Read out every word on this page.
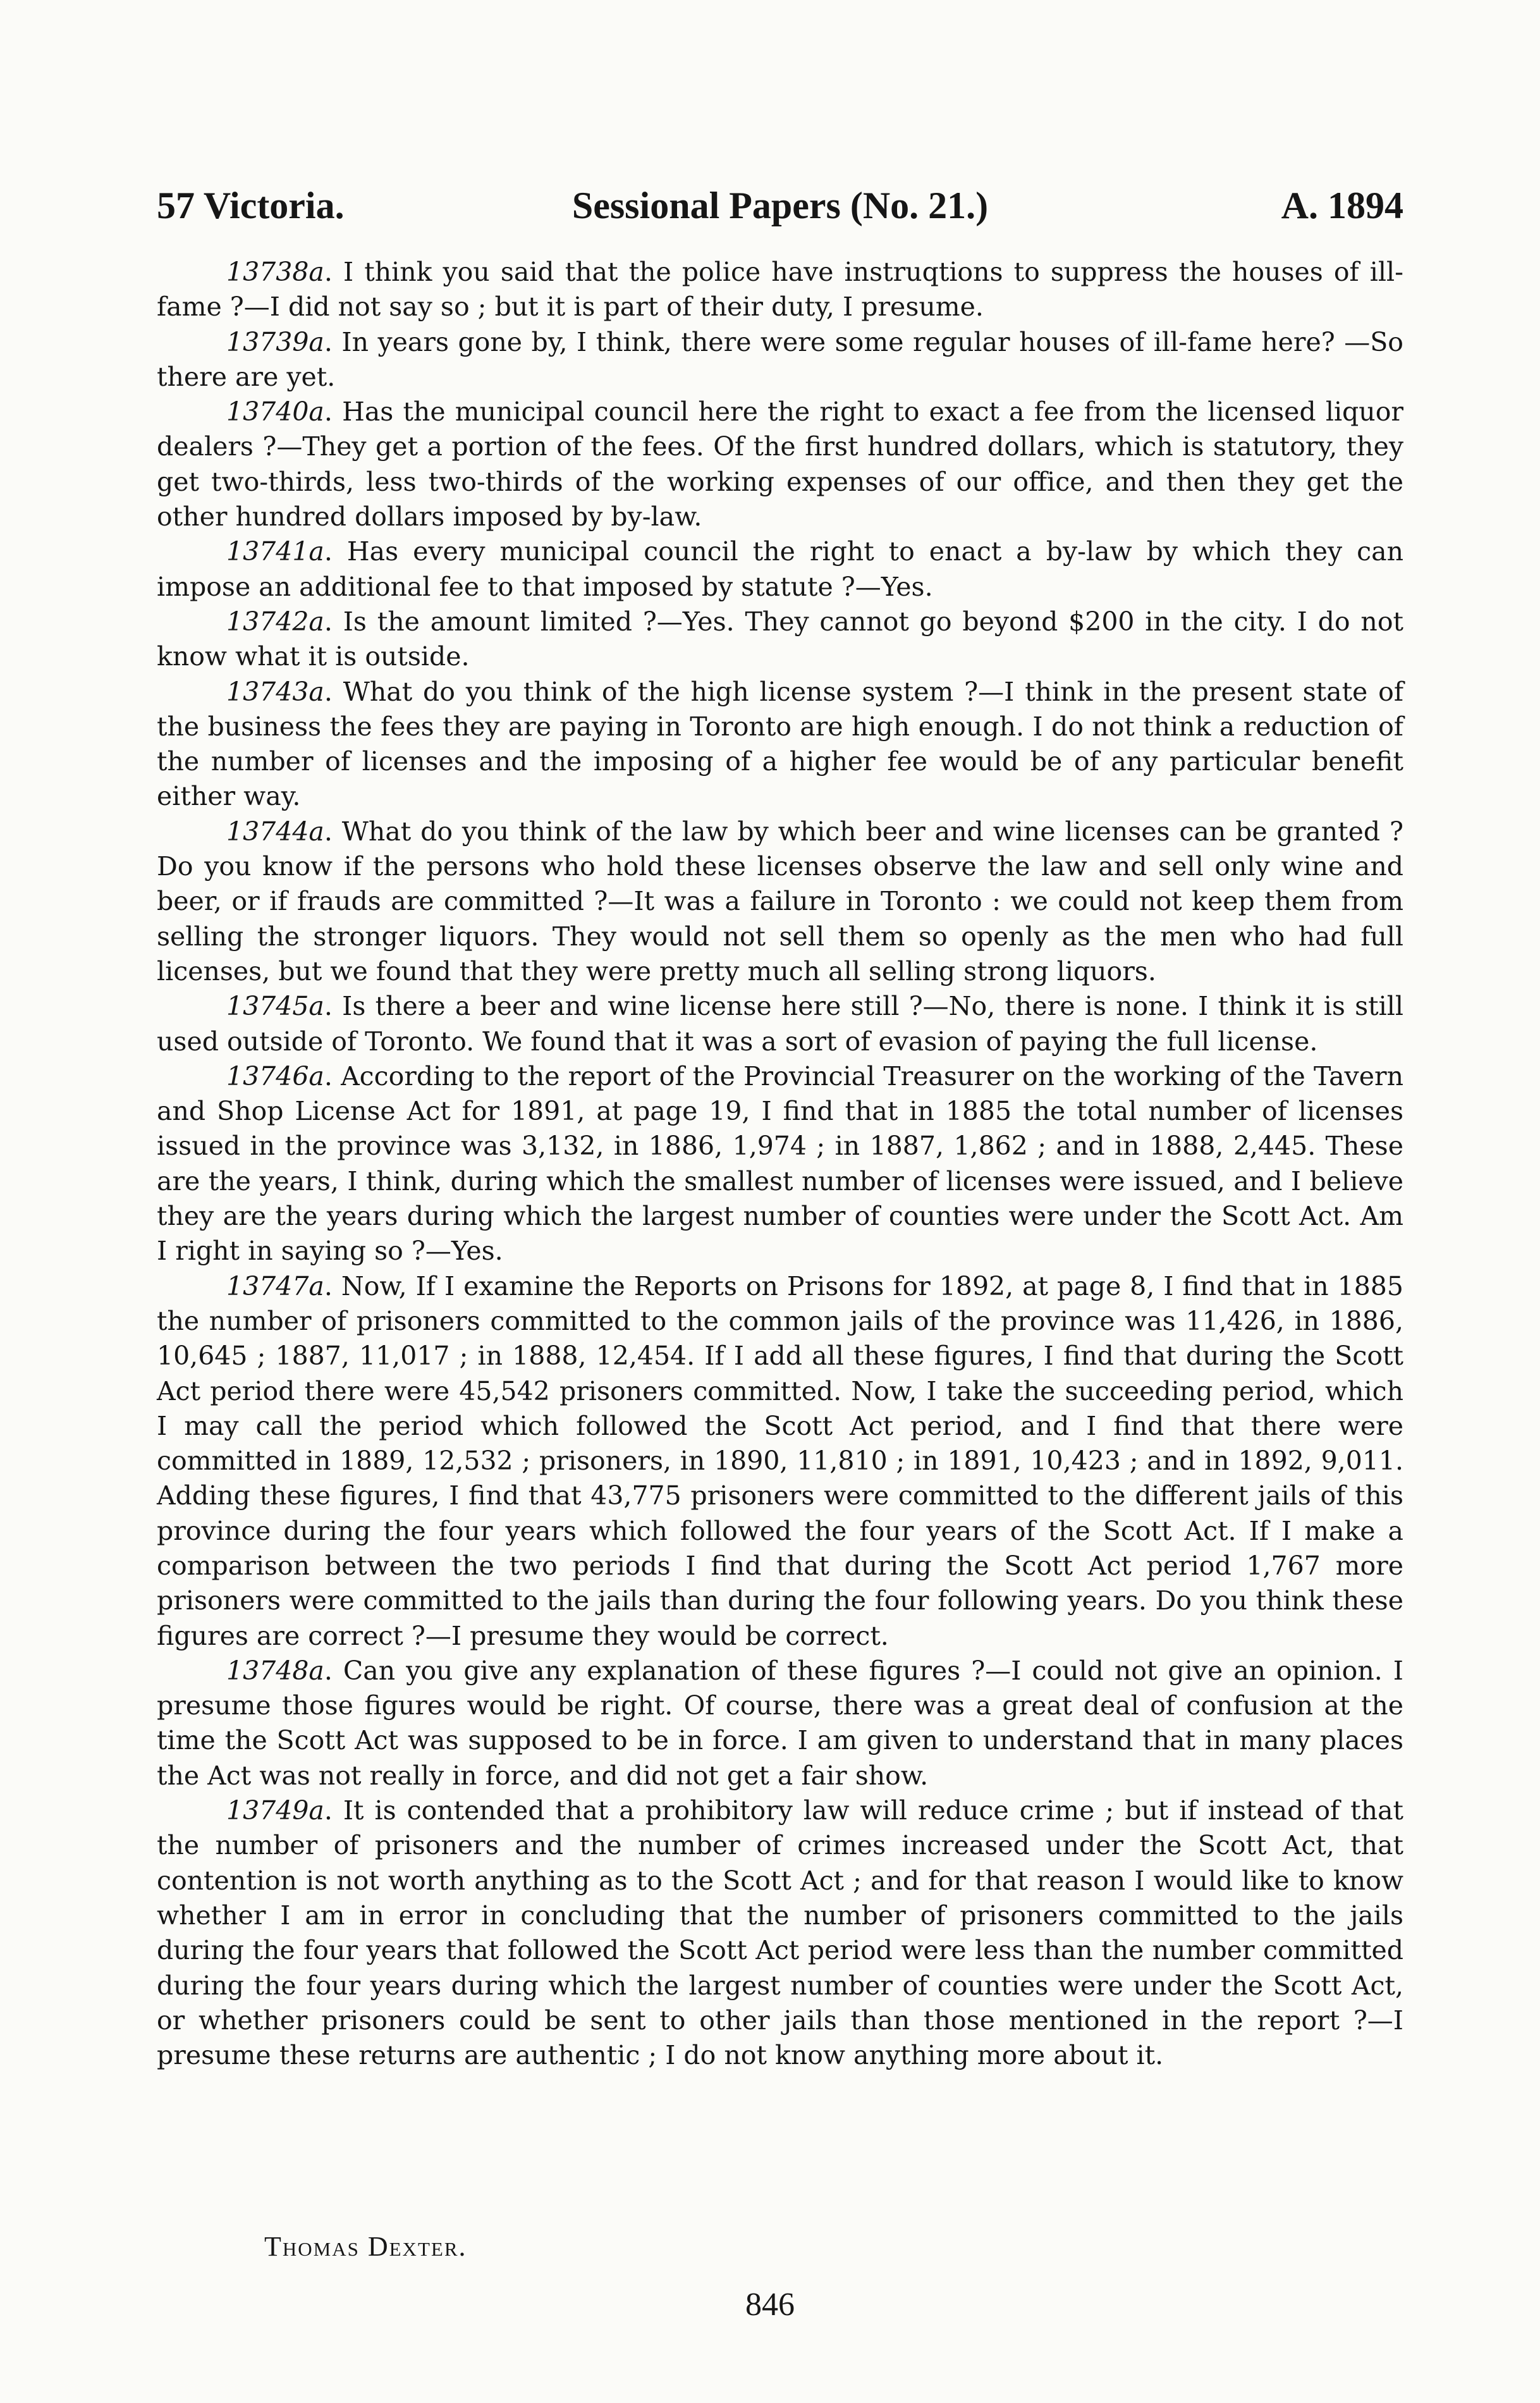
57 Victoria.	Sessional Papers (No. 21.)	A. 1894

13738a. I think you said that the police have instruqtions to suppress the houses of ill-fame ?—I did not say so ; but it is part of their duty, I presume.

13739a. In years gone by, I think, there were some regular houses of ill-fame here? —So there are yet.

13740a. Has the municipal council here the right to exact a fee from the licensed liquor dealers ?—They get a portion of the fees. Of the first hundred dollars, which is statutory, they get two-thirds, less two-thirds of the working expenses of our office, and then they get the other hundred dollars imposed by by-law.

13741a. Has every municipal council the right to enact a by-law by which they can impose an additional fee to that imposed by statute ?—Yes.

13742a. Is the amount limited ?—Yes. They cannot go beyond $200 in the city. I do not know what it is outside.

13743a. What do you think of the high license system ?—I think in the present state of the business the fees they are paying in Toronto are high enough. I do not think a reduction of the number of licenses and the imposing of a higher fee would be of any particular benefit either way.

13744a. What do you think of the law by which beer and wine licenses can be granted ? Do you know if the persons who hold these licenses observe the law and sell only wine and beer, or if frauds are committed ?—It was a failure in Toronto : we could not keep them from selling the stronger liquors. They would not sell them so openly as the men who had full licenses, but we found that they were pretty much all selling strong liquors.

13745a. Is there a beer and wine license here still ?—No, there is none. I think it is still used outside of Toronto. We found that it was a sort of evasion of paying the full license.

13746a. According to the report of the Provincial Treasurer on the working of the Tavern and Shop License Act for 1891, at page 19, I find that in 1885 the total number of licenses issued in the province was 3,132, in 1886, 1,974 ; in 1887, 1,862 ; and in 1888, 2,445. These are the years, I think, during which the smallest number of licenses were issued, and I believe they are the years during which the largest number of counties were under the Scott Act. Am I right in saying so ?—Yes.

13747a. Now, If I examine the Reports on Prisons for 1892, at page 8, I find that in 1885 the number of prisoners committed to the common jails of the province was 11,426, in 1886, 10,645 ; 1887, 11,017 ; in 1888, 12,454. If I add all these figures, I find that during the Scott Act period there were 45,542 prisoners committed. Now, I take the succeeding period, which I may call the period which followed the Scott Act period, and I find that there were committed in 1889, 12,532 ; prisoners, in 1890, 11,810 ; in 1891, 10,423 ; and in 1892, 9,011. Adding these figures, I find that 43,775 prisoners were committed to the different jails of this province during the four years which followed the four years of the Scott Act. If I make a comparison between the two periods I find that during the Scott Act period 1,767 more prisoners were committed to the jails than during the four following years. Do you think these figures are correct ?—I presume they would be correct.

13748a. Can you give any explanation of these figures ?—I could not give an opinion. I presume those figures would be right. Of course, there was a great deal of confusion at the time the Scott Act was supposed to be in force. I am given to understand that in many places the Act was not really in force, and did not get a fair show.

13749a. It is contended that a prohibitory law will reduce crime ; but if instead of that the number of prisoners and the number of crimes increased under the Scott Act, that contention is not worth anything as to the Scott Act ; and for that reason I would like to know whether I am in error in concluding that the number of prisoners committed to the jails during the four years that followed the Scott Act period were less than the number committed during the four years during which the largest number of counties were under the Scott Act, or whether prisoners could be sent to other jails than those mentioned in the report ?—I presume these returns are authentic ; I do not know anything more about it.

Thomas Dexter.
846
